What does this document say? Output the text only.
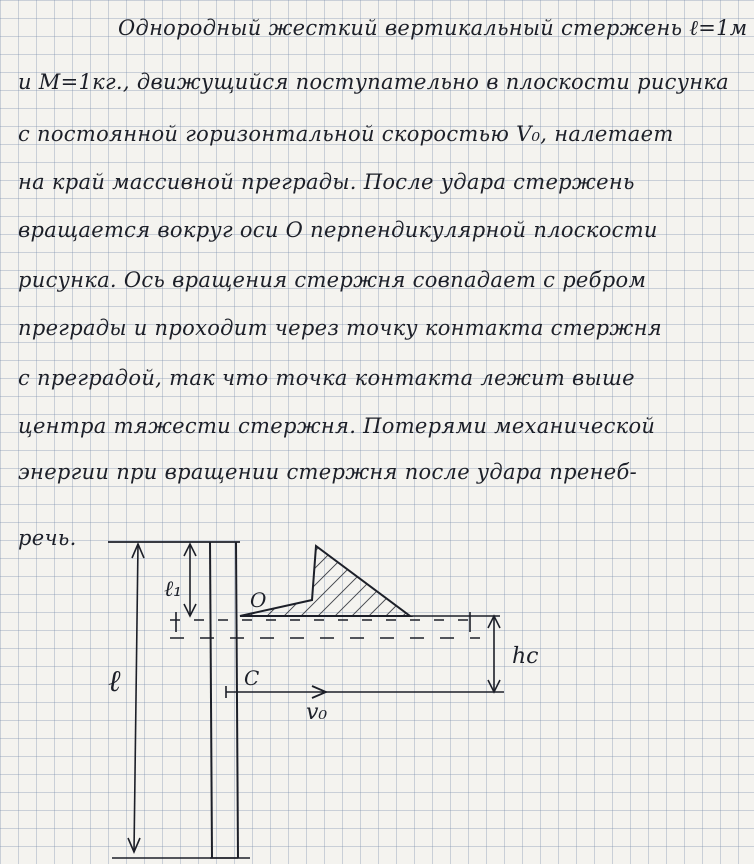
Однородный жесткий вертикальный стержень ℓ=1м
и M=1кг., движущийся поступательно в плоскости рисунка
с постоянной горизонтальной скоростью V₀, налетает
на край массивной преграды. После удара стержень
вращается вокруг оси O перпендикулярной плоскости
рисунка. Ось вращения стержня совпадает с ребром
преграды и проходит через точку контакта стержня
с преградой, так что точка контакта лежит выше
центра тяжести стержня. Потерями механической
энергии при вращении стержня после удара пренеб-
речь.
ℓ₁
ℓ
O
C
v₀
hc
